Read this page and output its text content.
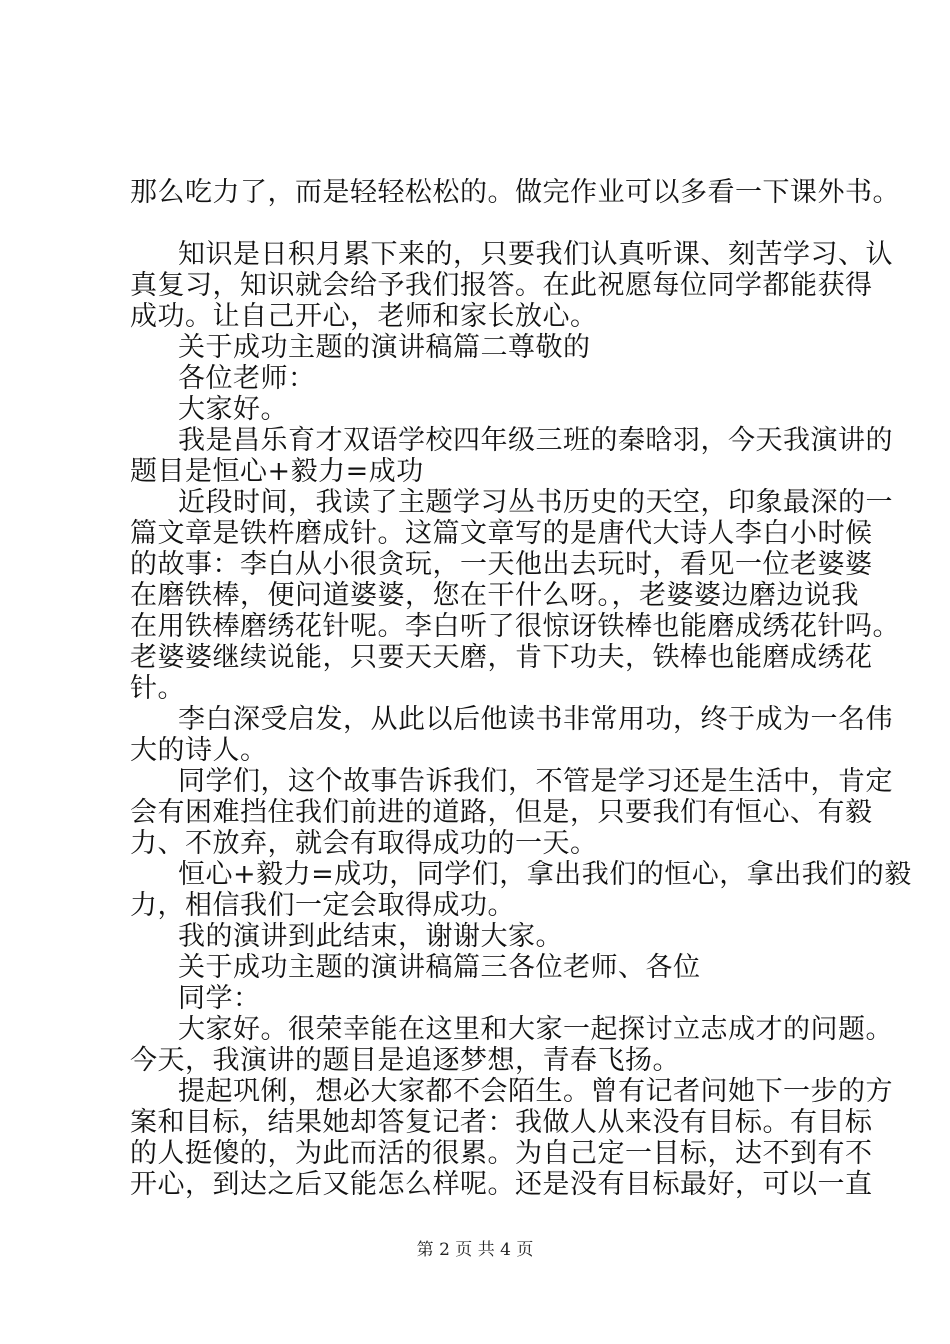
那么吃力了，而是轻轻松松的。做完作业可以多看一下课外书。
知识是日积月累下来的，只要我们认真听课、刻苦学习、认
真复习，知识就会给予我们报答。在此祝愿每位同学都能获得
成功。让自己开心，老师和家长放心。
关于成功主题的演讲稿篇二尊敬的
各位老师：
大家好。
我是昌乐育才双语学校四年级三班的秦晗羽，今天我演讲的
题目是恒心+毅力=成功
近段时间，我读了主题学习丛书历史的天空，印象最深的一
篇文章是铁杵磨成针。这篇文章写的是唐代大诗人李白小时候
的故事：李白从小很贪玩，一天他出去玩时，看见一位老婆婆
在磨铁棒，便问道婆婆，您在干什么呀。，老婆婆边磨边说我
在用铁棒磨绣花针呢。李白听了很惊讶铁棒也能磨成绣花针吗。
老婆婆继续说能，只要天天磨，肯下功夫，铁棒也能磨成绣花
针。
李白深受启发，从此以后他读书非常用功，终于成为一名伟
大的诗人。
同学们，这个故事告诉我们，不管是学习还是生活中，肯定
会有困难挡住我们前进的道路，但是，只要我们有恒心、有毅
力、不放弃，就会有取得成功的一天。
恒心+毅力=成功，同学们，拿出我们的恒心，拿出我们的毅
力，相信我们一定会取得成功。
我的演讲到此结束，谢谢大家。
关于成功主题的演讲稿篇三各位老师、各位
同学：
大家好。很荣幸能在这里和大家一起探讨立志成才的问题。
今天，我演讲的题目是追逐梦想，青春飞扬。
提起巩俐，想必大家都不会陌生。曾有记者问她下一步的方
案和目标，结果她却答复记者：我做人从来没有目标。有目标
的人挺傻的，为此而活的很累。为自己定一目标，达不到有不
开心，到达之后又能怎么样呢。还是没有目标最好，可以一直
第 2 页 共 4 页
